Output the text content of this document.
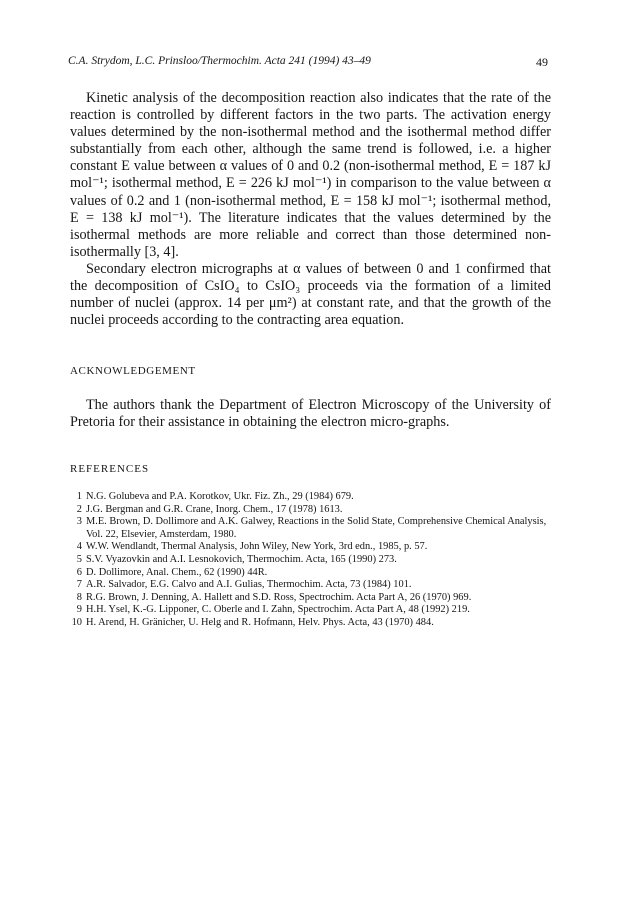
C.A. Strydom, L.C. Prinsloo/Thermochim. Acta 241 (1994) 43–49	49

Kinetic analysis of the decomposition reaction also indicates that the rate of the reaction is controlled by different factors in the two parts. The activation energy values determined by the non-isothermal method and the isothermal method differ substantially from each other, although the same trend is followed, i.e. a higher constant E value between α values of 0 and 0.2 (non-isothermal method, E = 187 kJ mol⁻¹; isothermal method, E = 226 kJ mol⁻¹) in comparison to the value between α values of 0.2 and 1 (non-isothermal method, E = 158 kJ mol⁻¹; isothermal method, E = 138 kJ mol⁻¹). The literature indicates that the values determined by the isothermal methods are more reliable and correct than those determined non-isothermally [3, 4].

Secondary electron micrographs at α values of between 0 and 1 confirmed that the decomposition of CsIO₄ to CsIO₃ proceeds via the formation of a limited number of nuclei (approx. 14 per μm²) at constant rate, and that the growth of the nuclei proceeds according to the contracting area equation.

ACKNOWLEDGEMENT

The authors thank the Department of Electron Microscopy of the University of Pretoria for their assistance in obtaining the electron micro-graphs.

REFERENCES
1 N.G. Golubeva and P.A. Korotkov, Ukr. Fiz. Zh., 29 (1984) 679.
2 J.G. Bergman and G.R. Crane, Inorg. Chem., 17 (1978) 1613.
3 M.E. Brown, D. Dollimore and A.K. Galwey, Reactions in the Solid State, Comprehensive Chemical Analysis, Vol. 22, Elsevier, Amsterdam, 1980.
4 W.W. Wendlandt, Thermal Analysis, John Wiley, New York, 3rd edn., 1985, p. 57.
5 S.V. Vyazovkin and A.I. Lesnokovich, Thermochim. Acta, 165 (1990) 273.
6 D. Dollimore, Anal. Chem., 62 (1990) 44R.
7 A.R. Salvador, E.G. Calvo and A.I. Gulias, Thermochim. Acta, 73 (1984) 101.
8 R.G. Brown, J. Denning, A. Hallett and S.D. Ross, Spectrochim. Acta Part A, 26 (1970) 969.
9 H.H. Ysel, K.-G. Lipponer, C. Oberle and I. Zahn, Spectrochim. Acta Part A, 48 (1992) 219.
10 H. Arend, H. Gränicher, U. Helg and R. Hofmann, Helv. Phys. Acta, 43 (1970) 484.
